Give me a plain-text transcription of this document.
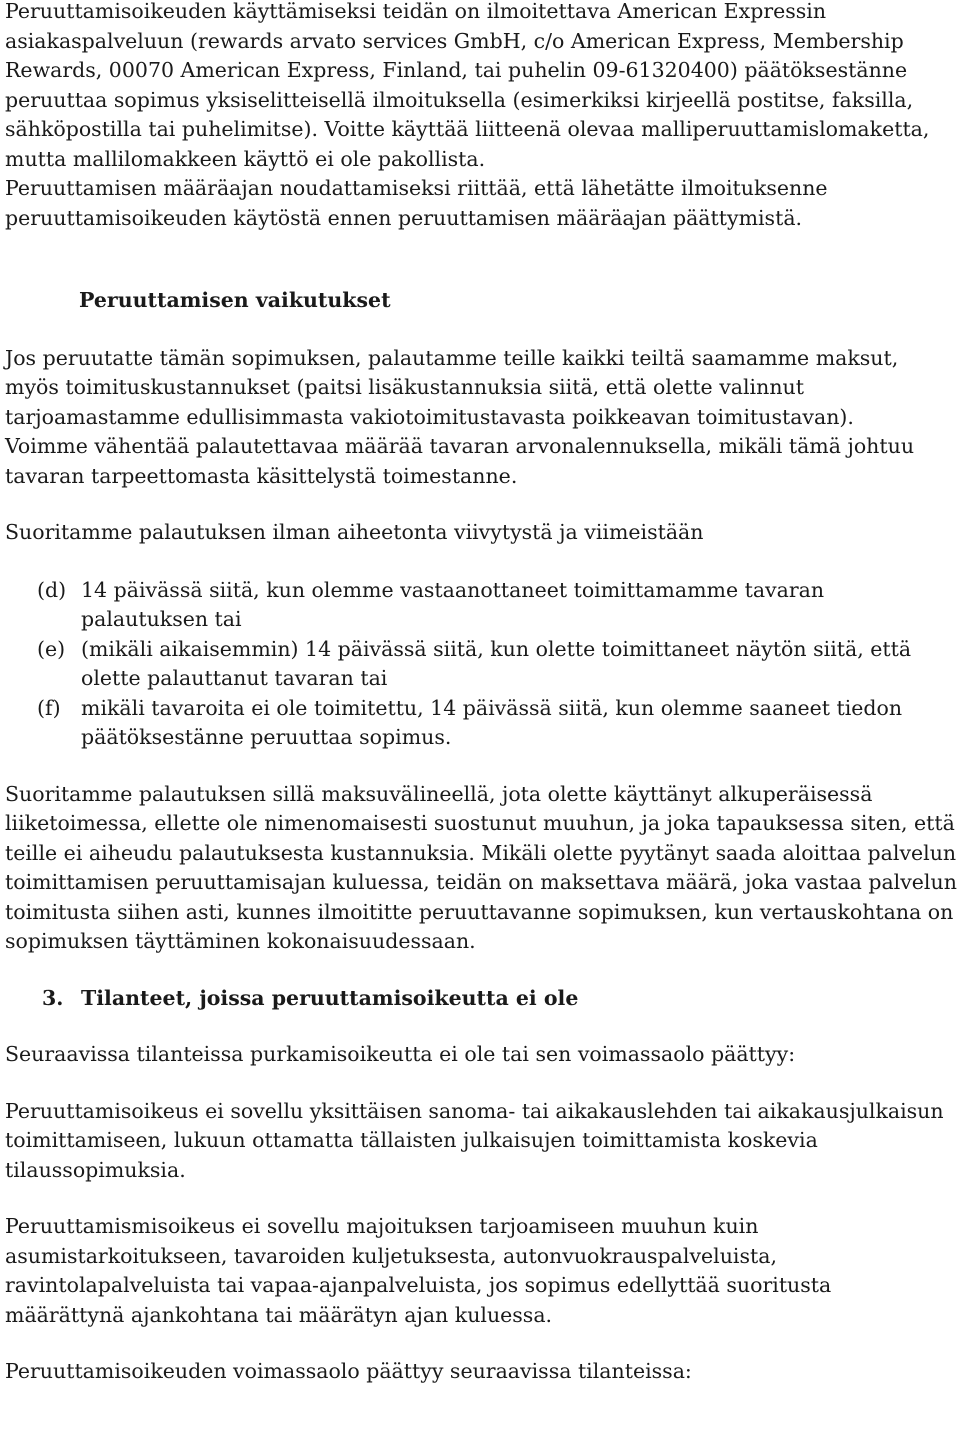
Peruuttamisoikeuden käyttämiseksi teidän on ilmoitettava American Expressin asiakaspalveluun (rewards arvato services GmbH, c/o American Express, Membership Rewards, 00070 American Express, Finland, tai puhelin 09-61320400) päätöksestänne peruuttaa sopimus yksiselitteisellä ilmoituksella (esimerkiksi kirjeellä postitse, faksilla, sähköpostilla tai puhelimitse). Voitte käyttää liitteenä olevaa malliperuuttamislomaketta, mutta mallilomakkeen käyttö ei ole pakollista.

Peruuttamisen määräajan noudattamiseksi riittää, että lähetätte ilmoituksenne peruuttamisoikeuden käytöstä ennen peruuttamisen määräajan päättymistä.

Peruuttamisen vaikutukset

Jos peruutatte tämän sopimuksen, palautamme teille kaikki teiltä saamamme maksut, myös toimituskustannukset (paitsi lisäkustannuksia siitä, että olette valinnut tarjoamastamme edullisimmasta vakiotoimitustavasta poikkeavan toimitustavan).

Voimme vähentää palautettavaa määrää tavaran arvonalennuksella, mikäli tämä johtuu tavaran tarpeettomasta käsittelystä toimestanne.

Suoritamme palautuksen ilman aiheetonta viivytystä ja viimeistään

(d) 14 päivässä siitä, kun olemme vastaanottaneet toimittamamme tavaran palautuksen tai
(e) (mikäli aikaisemmin) 14 päivässä siitä, kun olette toimittaneet näytön siitä, että olette palauttanut tavaran tai
(f) mikäli tavaroita ei ole toimitettu, 14 päivässä siitä, kun olemme saaneet tiedon päätöksestänne peruuttaa sopimus.

Suoritamme palautuksen sillä maksuvälineellä, jota olette käyttänyt alkuperäisessä liiketoimessa, ellette ole nimenomaisesti suostunut muuhun, ja joka tapauksessa siten, että teille ei aiheudu palautuksesta kustannuksia. Mikäli olette pyytänyt saada aloittaa palvelun toimittamisen peruuttamisajan kuluessa, teidän on maksettava määrä, joka vastaa palvelun toimitusta siihen asti, kunnes ilmoititte peruuttavanne sopimuksen, kun vertauskohtana on sopimuksen täyttäminen kokonaisuudessaan.

3. Tilanteet, joissa peruuttamisoikeutta ei ole

Seuraavissa tilanteissa purkamisoikeutta ei ole tai sen voimassaolo päättyy:

Peruuttamisoikeus ei sovellu yksittäisen sanoma- tai aikakauslehden tai aikakausjulkaisun toimittamiseen, lukuun ottamatta tällaisten julkaisujen toimittamista koskevia tilaussopimuksia.

Peruuttamismisoikeus ei sovellu majoituksen tarjoamiseen muuhun kuin asumistarkoitukseen, tavaroiden kuljetuksesta, autonvuokrauspalveluista, ravintolapalveluista tai vapaa-ajanpalveluista, jos sopimus edellyttää suoritusta määrättynä ajankohtana tai määrätyn ajan kuluessa.

Peruuttamisoikeuden voimassaolo päättyy seuraavissa tilanteissa:
